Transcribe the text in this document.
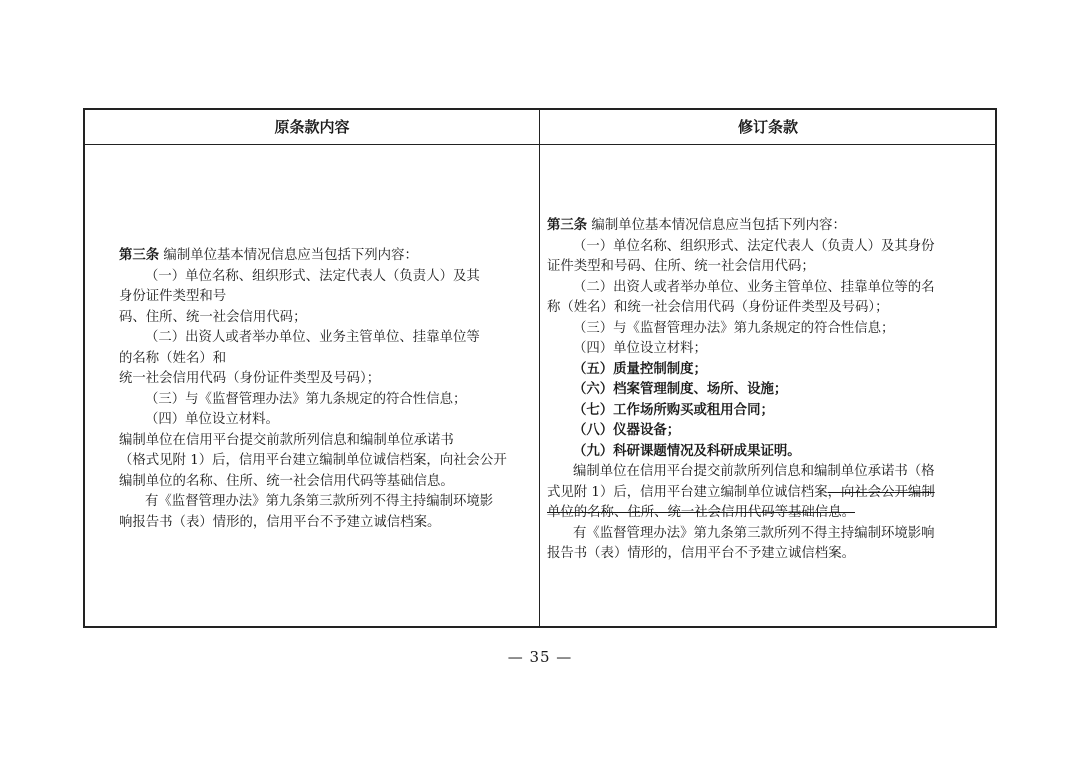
原条款内容	修订条款
第三条 编制单位基本情况信息应当包括下列内容：
（一）单位名称、组织形式、法定代表人（负责人）及其
身份证件类型和号
码、住所、统一社会信用代码；
（二）出资人或者举办单位、业务主管单位、挂靠单位等
的名称（姓名）和
统一社会信用代码（身份证件类型及号码）；
（三）与《监督管理办法》第九条规定的符合性信息；
（四）单位设立材料。
编制单位在信用平台提交前款所列信息和编制单位承诺书
（格式见附 1）后，信用平台建立编制单位诚信档案，向社会公开
编制单位的名称、住所、统一社会信用代码等基础信息。
有《监督管理办法》第九条第三款所列不得主持编制环境影
响报告书（表）情形的，信用平台不予建立诚信档案。
第三条 编制单位基本情况信息应当包括下列内容：
（一）单位名称、组织形式、法定代表人（负责人）及其身份
证件类型和号码、住所、统一社会信用代码；
（二）出资人或者举办单位、业务主管单位、挂靠单位等的名
称（姓名）和统一社会信用代码（身份证件类型及号码）；
（三）与《监督管理办法》第九条规定的符合性信息；
（四）单位设立材料；
（五）质量控制制度；
（六）档案管理制度、场所、设施；
（七）工作场所购买或租用合同；
（八）仪器设备；
（九）科研课题情况及科研成果证明。
编制单位在信用平台提交前款所列信息和编制单位承诺书（格
式见附 1）后，信用平台建立编制单位诚信档案，向社会公开编制
单位的名称、住所、统一社会信用代码等基础信息。
有《监督管理办法》第九条第三款所列不得主持编制环境影响
报告书（表）情形的，信用平台不予建立诚信档案。
— 35 —
